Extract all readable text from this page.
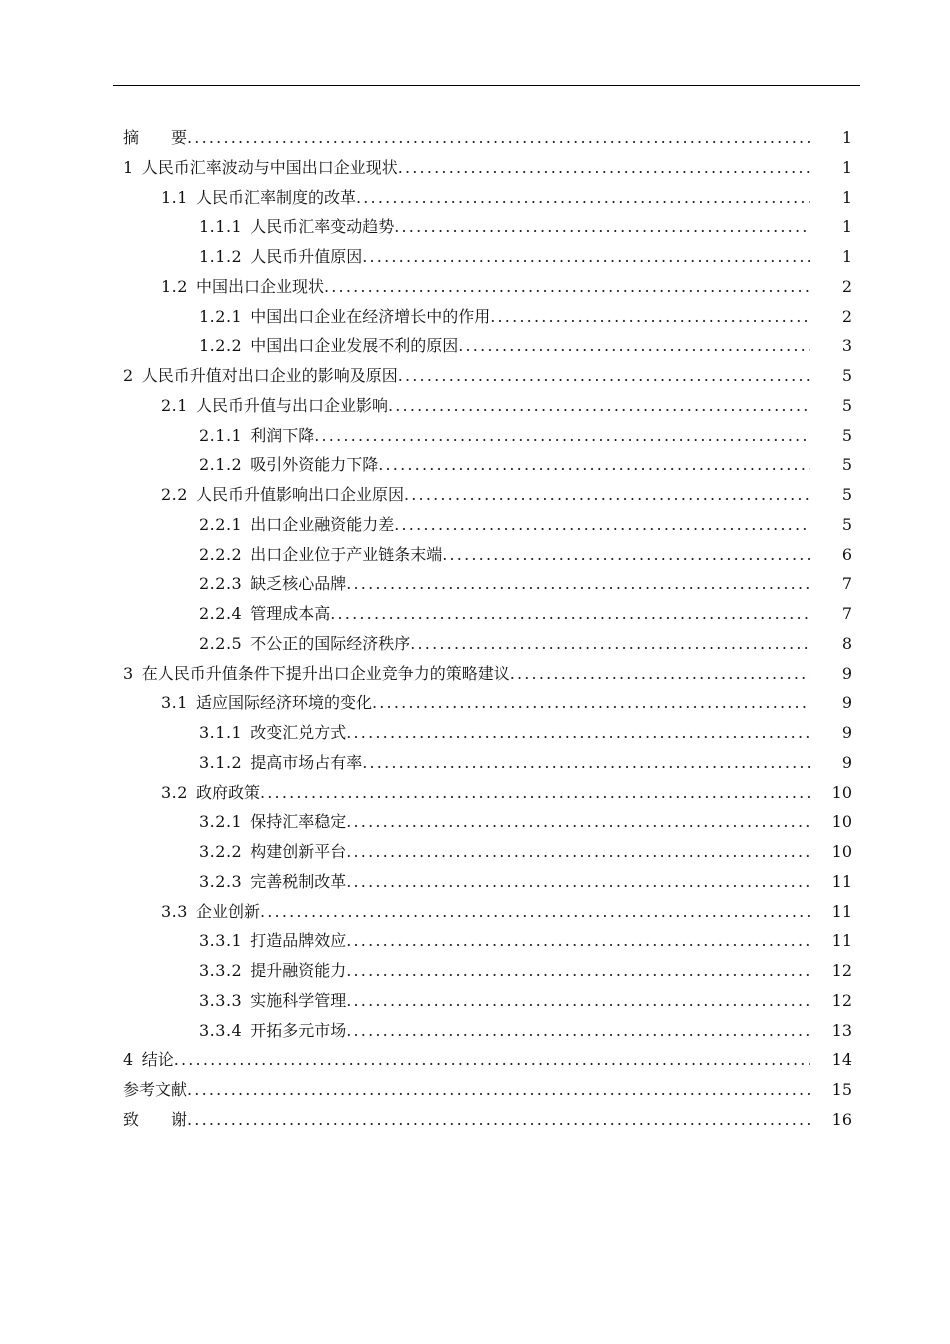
摘　　要 .....	1
1 人民币汇率波动与中国出口企业现状 .....	1
1.1 人民币汇率制度的改革 .....	1
1.1.1 人民币汇率变动趋势 .....	1
1.1.2 人民币升值原因 .....	1
1.2 中国出口企业现状 .....	2
1.2.1 中国出口企业在经济增长中的作用 .....	2
1.2.2 中国出口企业发展不利的原因 .....	3
2 人民币升值对出口企业的影响及原因 .....	5
2.1 人民币升值与出口企业影响 .....	5
2.1.1 利润下降 .....	5
2.1.2 吸引外资能力下降 .....	5
2.2 人民币升值影响出口企业原因 .....	5
2.2.1 出口企业融资能力差 .....	5
2.2.2 出口企业位于产业链条末端 .....	6
2.2.3 缺乏核心品牌 .....	7
2.2.4 管理成本高 .....	7
2.2.5 不公正的国际经济秩序 .....	8
3 在人民币升值条件下提升出口企业竞争力的策略建议 .....	9
3.1 适应国际经济环境的变化 .....	9
3.1.1 改变汇兑方式 .....	9
3.1.2 提高市场占有率 .....	9
3.2 政府政策 .....	10
3.2.1 保持汇率稳定 .....	10
3.2.2 构建创新平台 .....	10
3.2.3 完善税制改革 .....	11
3.3 企业创新 .....	11
3.3.1 打造品牌效应 .....	11
3.3.2 提升融资能力 .....	12
3.3.3 实施科学管理 .....	12
3.3.4 开拓多元市场 .....	13
4 结论 .....	14
参考文献 .....	15
致　　谢 .....	16
